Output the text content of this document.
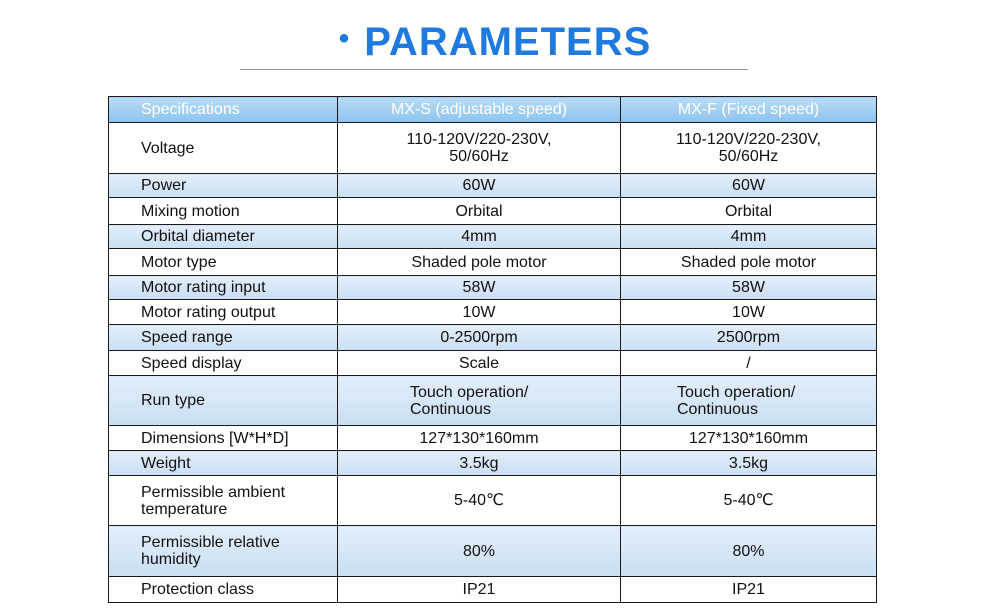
• PARAMETERS
Specifications	MX-S (adjustable speed)	MX-F (Fixed speed)
Voltage	110-120V/220-230V, 50/60Hz	110-120V/220-230V, 50/60Hz
Power	60W	60W
Mixing motion	Orbital	Orbital
Orbital diameter	4mm	4mm
Motor type	Shaded pole motor	Shaded pole motor
Motor rating input	58W	58W
Motor rating output	10W	10W
Speed range	0-2500rpm	2500rpm
Speed display	Scale	/
Run type	Touch operation/ Continuous	Touch operation/ Continuous
Dimensions [W*H*D]	127*130*160mm	127*130*160mm
Weight	3.5kg	3.5kg
Permissible ambient temperature	5-40℃	5-40℃
Permissible relative humidity	80%	80%
Protection class	IP21	IP21
